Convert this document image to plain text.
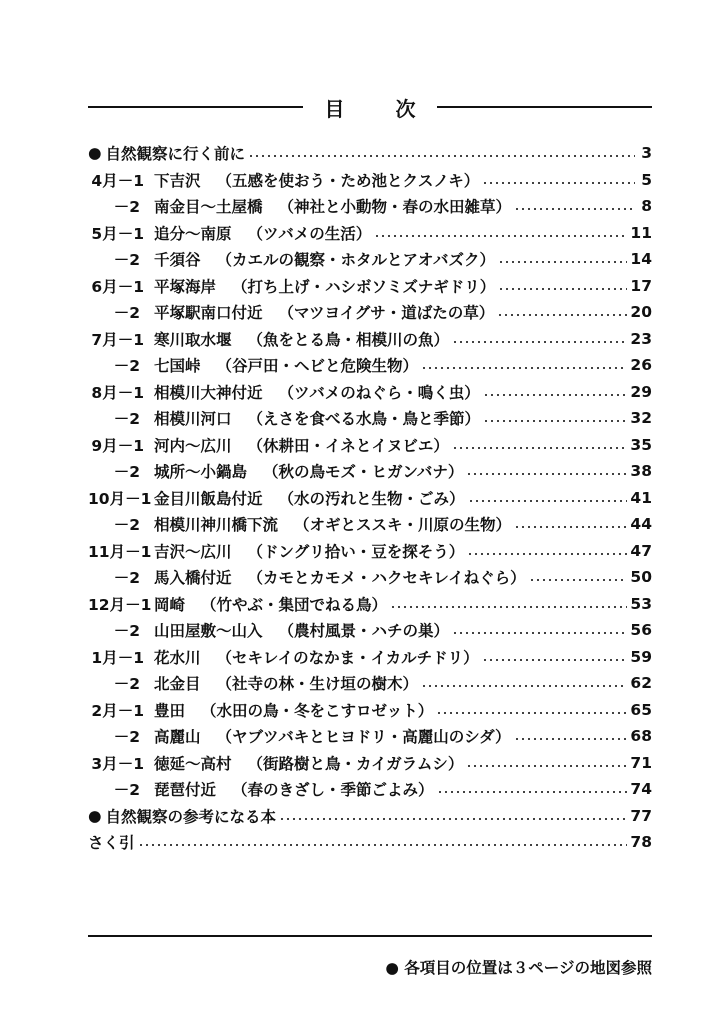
目 次
● 自然観察に行く前に	3
4月－1 下吉沢 （五感を使おう・ため池とクスノキ）	5
－2 南金目～土屋橋 （神社と小動物・春の水田雑草）	8
5月－1 追分～南原 （ツバメの生活）	11
－2 千須谷 （カエルの観察・ホタルとアオバズク）	14
6月－1 平塚海岸 （打ち上げ・ハシボソミズナギドリ）	17
－2 平塚駅南口付近 （マツヨイグサ・道ばたの草）	20
7月－1 寒川取水堰 （魚をとる鳥・相模川の魚）	23
－2 七国峠 （谷戸田・ヘビと危険生物）	26
8月－1 相模川大神付近 （ツバメのねぐら・鳴く虫）	29
－2 相模川河口 （えさを食べる水鳥・鳥と季節）	32
9月－1 河内～広川 （休耕田・イネとイヌビエ）	35
－2 城所～小鍋島 （秋の鳥モズ・ヒガンバナ）	38
10月－1 金目川飯島付近 （水の汚れと生物・ごみ）	41
－2 相模川神川橋下流 （オギとススキ・川原の生物）	44
11月－1 吉沢～広川 （ドングリ拾い・豆を探そう）	47
－2 馬入橋付近 （カモとカモメ・ハクセキレイねぐら）	50
12月－1 岡崎 （竹やぶ・集団でねる鳥）	53
－2 山田屋敷～山入 （農村風景・ハチの巣）	56
1月－1 花水川 （セキレイのなかま・イカルチドリ）	59
－2 北金目 （社寺の林・生け垣の樹木）	62
2月－1 豊田 （水田の鳥・冬をこすロゼット）	65
－2 高麗山 （ヤブツバキとヒヨドリ・高麗山のシダ）	68
3月－1 徳延～高村 （街路樹と鳥・カイガラムシ）	71
－2 琵琶付近 （春のきざし・季節ごよみ）	74
● 自然観察の参考になる本	77
さく引	78
● 各項目の位置は３ページの地図参照
